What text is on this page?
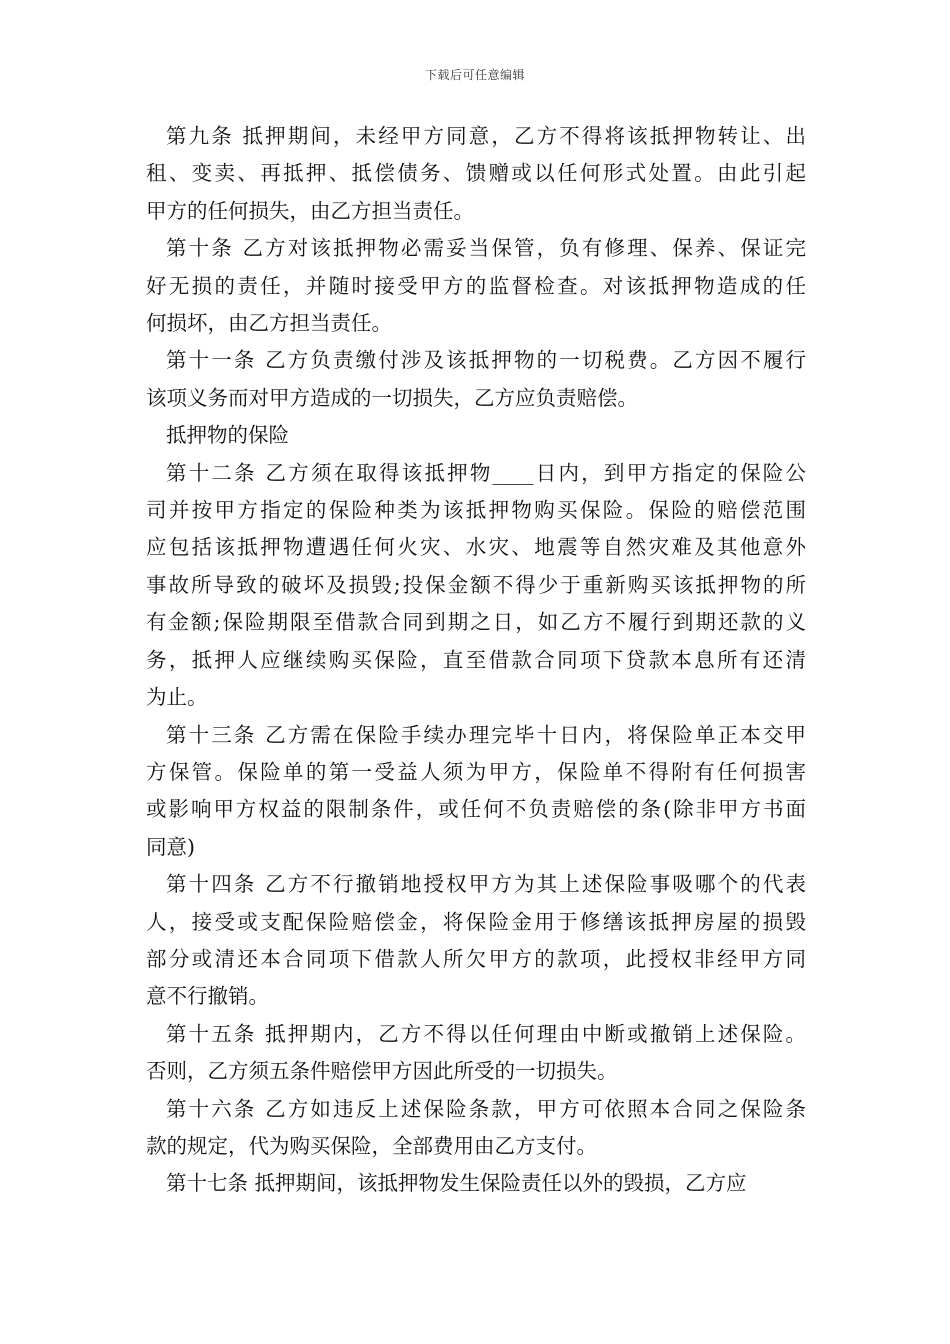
下载后可任意编辑
第九条 抵押期间，未经甲方同意，乙方不得将该抵押物转让、出
租、变卖、再抵押、抵偿债务、馈赠或以任何形式处置。由此引起
甲方的任何损失，由乙方担当责任。
第十条 乙方对该抵押物必需妥当保管，负有修理、保养、保证完
好无损的责任，并随时接受甲方的监督检查。对该抵押物造成的任
何损坏，由乙方担当责任。
第十一条 乙方负责缴付涉及该抵押物的一切税费。乙方因不履行
该项义务而对甲方造成的一切损失，乙方应负责赔偿。
抵押物的保险
第十二条 乙方须在取得该抵押物____日内，到甲方指定的保险公
司并按甲方指定的保险种类为该抵押物购买保险。保险的赔偿范围
应包括该抵押物遭遇任何火灾、水灾、地震等自然灾难及其他意外
事故所导致的破坏及损毁;投保金额不得少于重新购买该抵押物的所
有金额;保险期限至借款合同到期之日，如乙方不履行到期还款的义
务，抵押人应继续购买保险，直至借款合同项下贷款本息所有还清
为止。
第十三条 乙方需在保险手续办理完毕十日内，将保险单正本交甲
方保管。保险单的第一受益人须为甲方，保险单不得附有任何损害
或影响甲方权益的限制条件，或任何不负责赔偿的条(除非甲方书面
同意)
第十四条 乙方不行撤销地授权甲方为其上述保险事吸哪个的代表
人，接受或支配保险赔偿金，将保险金用于修缮该抵押房屋的损毁
部分或清还本合同项下借款人所欠甲方的款项，此授权非经甲方同
意不行撤销。
第十五条 抵押期内，乙方不得以任何理由中断或撤销上述保险。
否则，乙方须五条件赔偿甲方因此所受的一切损失。
第十六条 乙方如违反上述保险条款，甲方可依照本合同之保险条
款的规定，代为购买保险，全部费用由乙方支付。
第十七条 抵押期间，该抵押物发生保险责任以外的毁损，乙方应
